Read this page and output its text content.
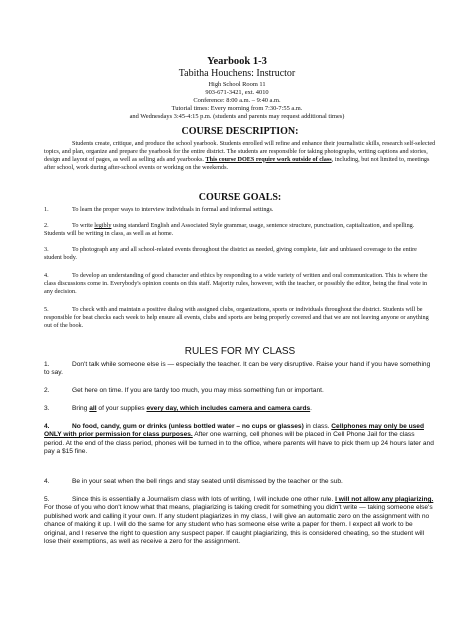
Yearbook 1-3
Tabitha Houchens: Instructor
High School Room 11
903-671-3421, ext. 4010
Conference: 8:00 a.m. – 9:40 a.m.
Tutorial times: Every morning from 7:30-7:55 a.m.
and Wednesdays 3:45-4:15 p.m. (students and parents may request additional times)
COURSE DESCRIPTION:
Students create, critique, and produce the school yearbook. Students enrolled will refine and enhance their journalistic skills, research self-selected topics, and plan, organize and prepare the yearbook for the entire district. The students are responsible for taking photographs, writing captions and stories, design and layout of pages, as well as selling ads and yearbooks. This course DOES require work outside of class, including, but not limited to, meetings after school, work during after-school events or working on the weekends.
COURSE GOALS:
1.	To learn the proper ways to interview individuals in formal and informal settings.
2.	To write legibly using standard English and Associated Style grammar, usage, sentence structure, punctuation, capitalization, and spelling. Students will be writing in class, as well as at home.
3.	To photograph any and all school-related events throughout the district as needed, giving complete, fair and unbiased coverage to the entire student body.
4.	To develop an understanding of good character and ethics by responding to a wide variety of written and oral communication. This is where the class discussions come in. Everybody's opinion counts on this staff. Majority rules, however, with the teacher, or possibly the editor, being the final vote in any decision.
5.	To check with and maintain a positive dialog with assigned clubs, organizations, sports or individuals throughout the district. Students will be responsible for beat checks each week to help ensure all events, clubs and sports are being properly covered and that we are not leaving anyone or anything out of the book.
RULES FOR MY CLASS
1.	Don't talk while someone else is — especially the teacher. It can be very disruptive. Raise your hand if you have something to say.
2.	Get here on time. If you are tardy too much, you may miss something fun or important.
3.	Bring all of your supplies every day, which includes camera and camera cards.
4.	No food, candy, gum or drinks (unless bottled water – no cups or glasses) in class. Cellphones may only be used ONLY with prior permission for class purposes. After one warning, cell phones will be placed in Cell Phone Jail for the class period. At the end of the class period, phones will be turned in to the office, where parents will have to pick them up 24 hours later and pay a $15 fine.
4.	Be in your seat when the bell rings and stay seated until dismissed by the teacher or the sub.
5.	Since this is essentially a Journalism class with lots of writing, I will include one other rule. I will not allow any plagiarizing. For those of you who don't know what that means, plagiarizing is taking credit for something you didn't write — taking someone else's published work and calling it your own. If any student plagiarizes in my class, I will give an automatic zero on the assignment with no chance of making it up. I will do the same for any student who has someone else write a paper for them. I expect all work to be original, and I reserve the right to question any suspect paper. If caught plagiarizing, this is considered cheating, so the student will lose their exemptions, as well as receive a zero for the assignment.
